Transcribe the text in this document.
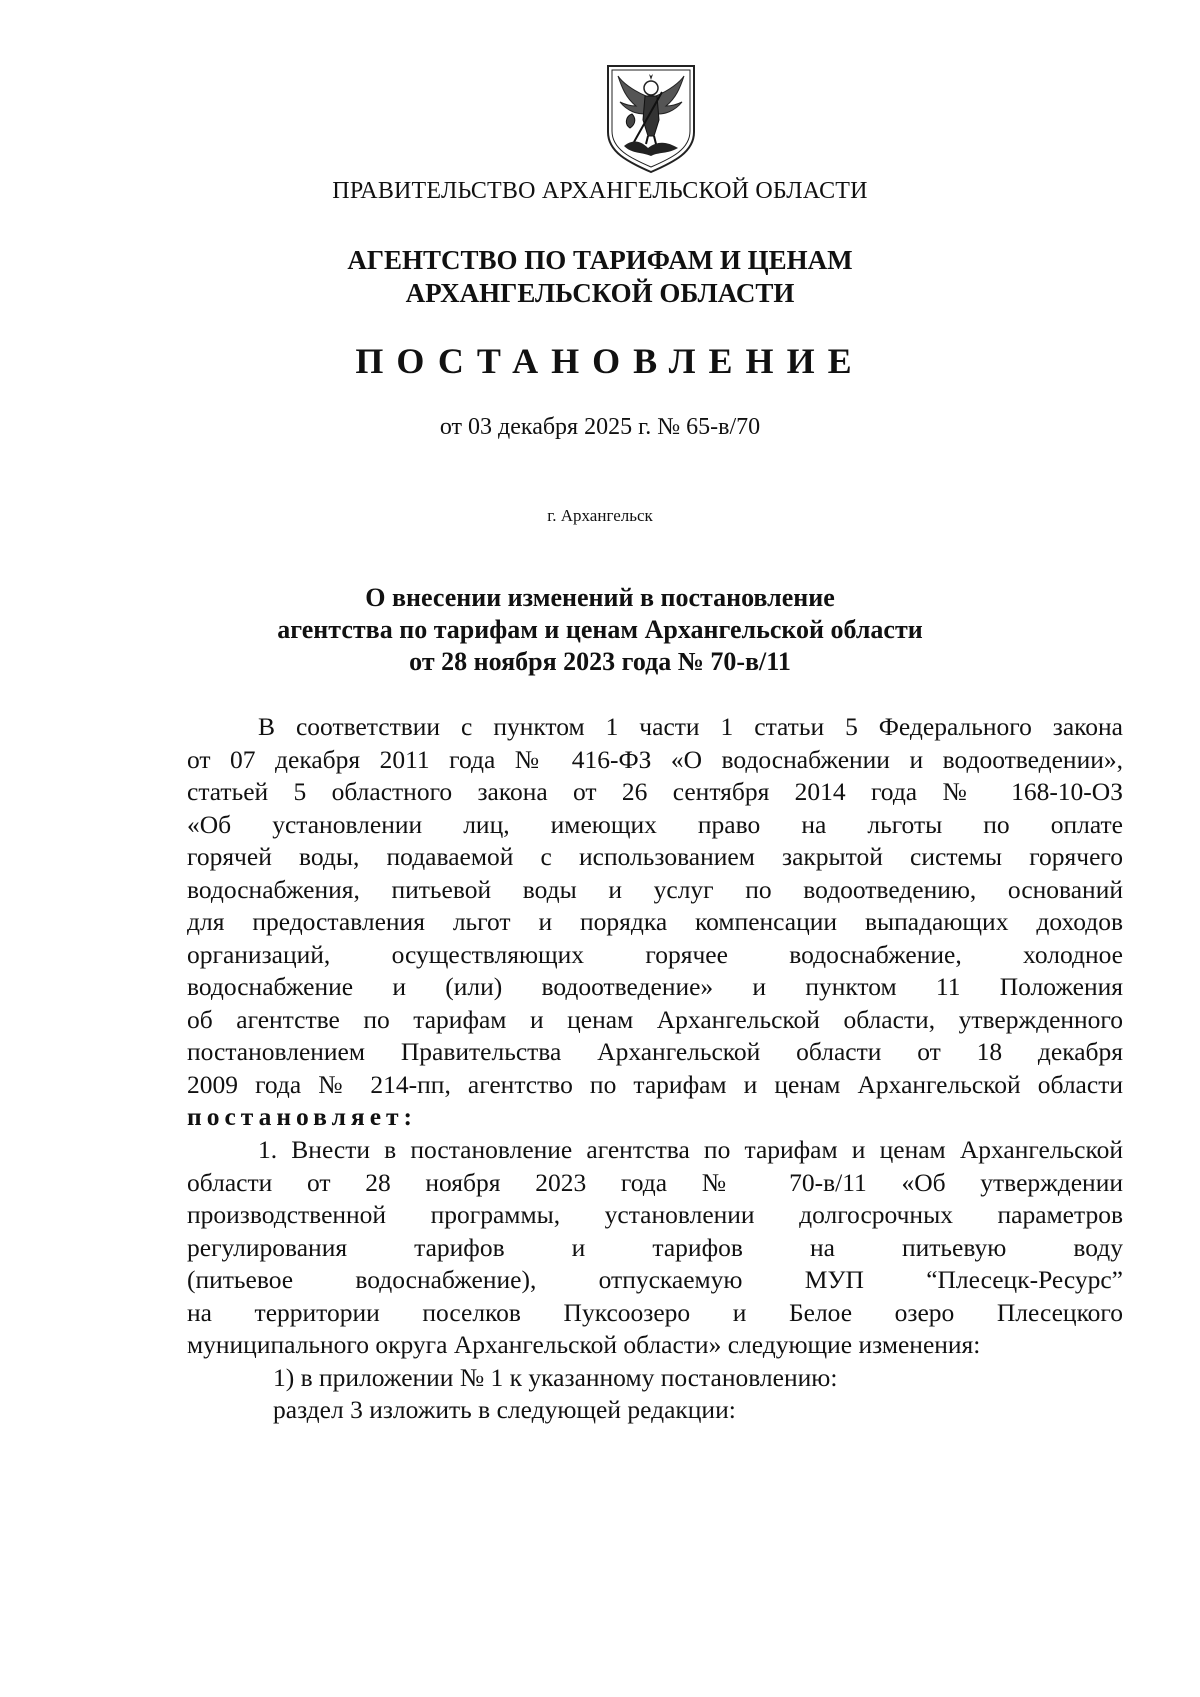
ПРАВИТЕЛЬСТВО АРХАНГЕЛЬСКОЙ ОБЛАСТИ
АГЕНТСТВО ПО ТАРИФАМ И ЦЕНАМ
АРХАНГЕЛЬСКОЙ ОБЛАСТИ
ПОСТАНОВЛЕНИЕ
от 03 декабря 2025 г. № 65-в/70
г. Архангельск
О внесении изменений в постановление
агентства по тарифам и ценам Архангельской области
от 28 ноября 2023 года № 70-в/11
В соответствии с пунктом 1 части 1 статьи 5 Федерального закона
от 07 декабря 2011 года № 416-ФЗ «О водоснабжении и водоотведении»,
статьей 5 областного закона от 26 сентября 2014 года № 168-10-ОЗ
«Об установлении лиц, имеющих право на льготы по оплате
горячей воды, подаваемой с использованием закрытой системы горячего
водоснабжения, питьевой воды и услуг по водоотведению, оснований
для предоставления льгот и порядка компенсации выпадающих доходов
организаций, осуществляющих горячее водоснабжение, холодное
водоснабжение и (или) водоотведение» и пунктом 11 Положения
об агентстве по тарифам и ценам Архангельской области, утвержденного
постановлением Правительства Архангельской области от 18 декабря
2009 года № 214-пп, агентство по тарифам и ценам Архангельской области
постановляет:
1. Внести в постановление агентства по тарифам и ценам Архангельской
области от 28 ноября 2023 года № 70-в/11 «Об утверждении
производственной программы, установлении долгосрочных параметров
регулирования тарифов и тарифов на питьевую воду
(питьевое водоснабжение), отпускаемую МУП “Плесецк-Ресурс”
на территории поселков Пуксоозеро и Белое озеро Плесецкого
муниципального округа Архангельской области» следующие изменения:
1) в приложении № 1 к указанному постановлению:
раздел 3 изложить в следующей редакции:
